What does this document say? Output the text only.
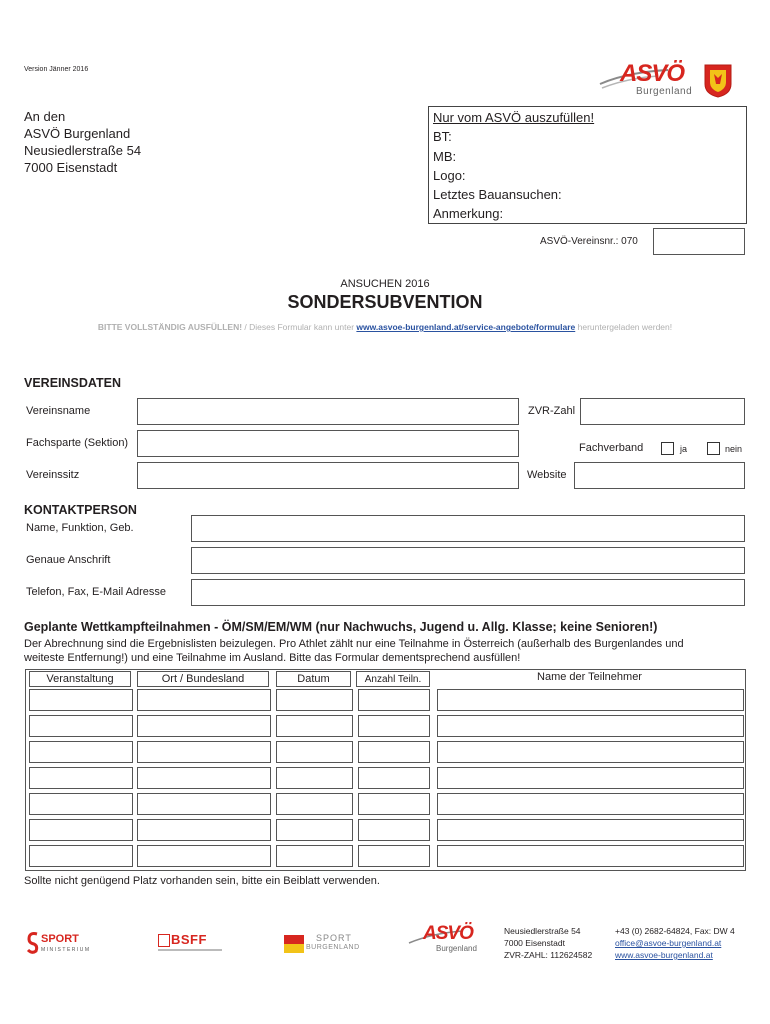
Version Jänner 2016	ASVÖ
Burgenland
An den
ASVÖ Burgenland
Neusiedlerstraße 54
7000 Eisenstadt
Nur vom ASVÖ auszufüllen!
BT:
MB:
Logo:
Letztes Bauansuchen:
Anmerkung:
ASVÖ-Vereinsnr.: 070
ANSUCHEN 2016
SONDERSUBVENTION
BITTE VOLLSTÄNDIG AUSFÜLLEN! / Dieses Formular kann unter www.asvoe-burgenland.at/service-angebote/formulare heruntergeladen werden!
VEREINSDATEN
Vereinsname	ZVR-Zahl
Fachsparte (Sektion)	Fachverband	ja	nein
Vereinssitz	Website
KONTAKTPERSON
Name, Funktion, Geb.
Genaue Anschrift
Telefon, Fax, E-Mail Adresse
Geplante Wettkampfteilnahmen - ÖM/SM/EM/WM (nur Nachwuchs, Jugend u. Allg. Klasse; keine Senioren!)
Der Abrechnung sind die Ergebnislisten beizulegen. Pro Athlet zählt nur eine Teilnahme in Österreich (außerhalb des Burgenlandes und
weiteste Entfernung!) und eine Teilnahme im Ausland. Bitte das Formular dementsprechend ausfüllen!
Veranstaltung	Ort / Bundesland	Datum	Anzahl Teiln.	Name der Teilnehmer
Sollte nicht genügend Platz vorhanden sein, bitte ein Beiblatt verwenden.
SPORT
MINISTERIUM
BSFF	SPORT
BURGENLAND
ASVÖ
Burgenland
Neusiedlerstraße 54
7000 Eisenstadt
ZVR-ZAHL: 112624582
+43 (0) 2682-64824, Fax: DW 4
office@asvoe-burgenland.at
www.asvoe-burgenland.at
